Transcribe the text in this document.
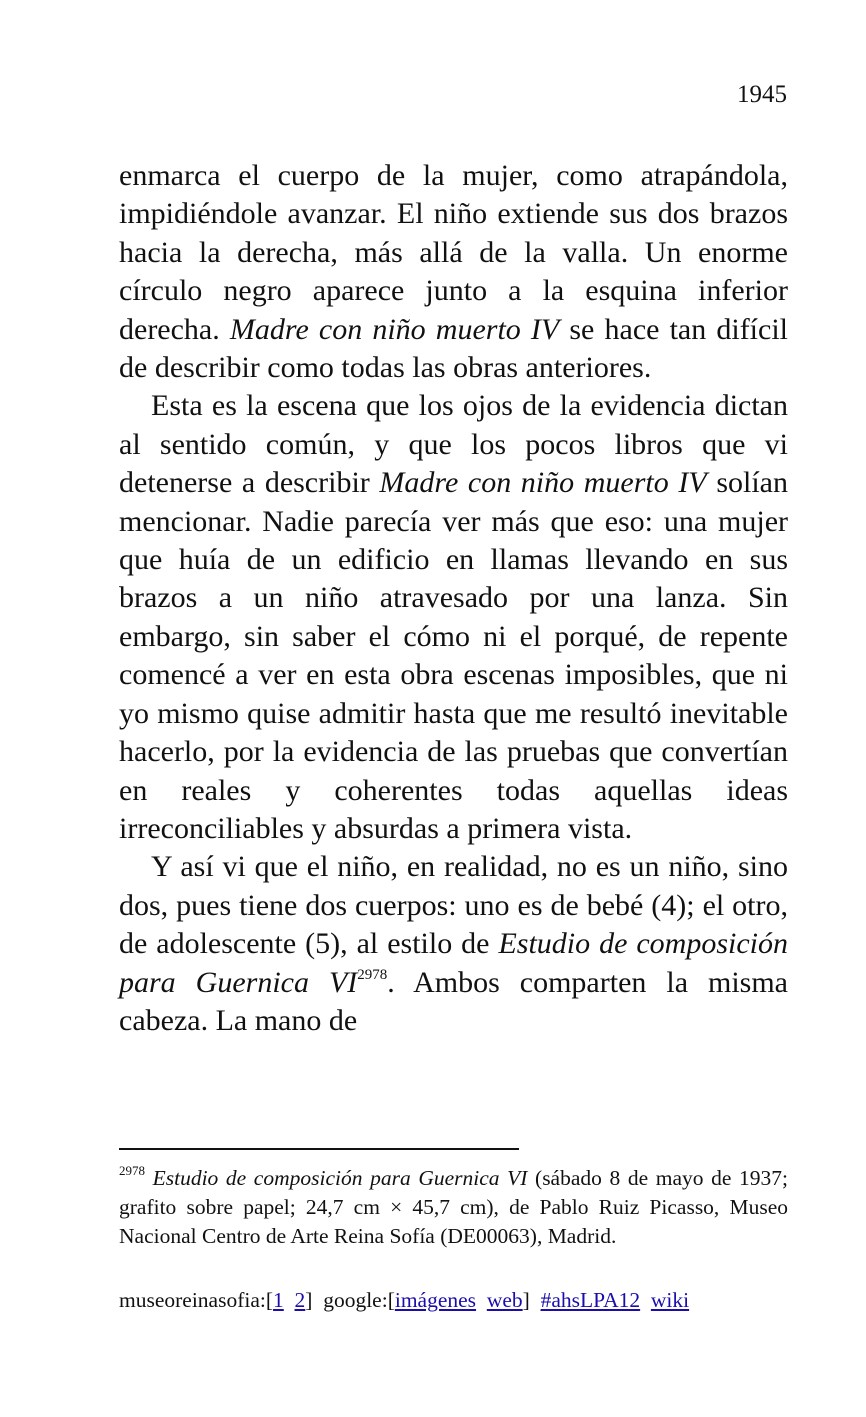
1945

enmarca el cuerpo de la mujer, como atrapándola, impidiéndole avanzar. El niño extiende sus dos brazos hacia la derecha, más allá de la valla. Un enorme círculo negro aparece junto a la esquina inferior derecha. Madre con niño muerto IV se hace tan difícil de describir como todas las obras anteriores.

Esta es la escena que los ojos de la evidencia dictan al sentido común, y que los pocos libros que vi detenerse a describir Madre con niño muerto IV solían mencionar. Nadie parecía ver más que eso: una mujer que huía de un edificio en llamas llevando en sus brazos a un niño atravesado por una lanza. Sin embargo, sin saber el cómo ni el porqué, de repente comencé a ver en esta obra escenas imposibles, que ni yo mismo quise admitir hasta que me resultó inevitable hacerlo, por la evidencia de las pruebas que convertían en reales y coherentes todas aquellas ideas irreconciliables y absurdas a primera vista.

Y así vi que el niño, en realidad, no es un niño, sino dos, pues tiene dos cuerpos: uno es de bebé (4); el otro, de adolescente (5), al estilo de Estudio de composición para Guernica VI$^{2978}$. Ambos comparten la misma cabeza. La mano de

$^{2978}$ Estudio de composición para Guernica VI (sábado 8 de mayo de 1937; grafito sobre papel; 24,7 cm × 45,7 cm), de Pablo Ruiz Picasso, Museo Nacional Centro de Arte Reina Sofía (DE00063), Madrid.
museoreinasofia:[1 2] google:[imágenes web] #ahsLPA12 wiki
